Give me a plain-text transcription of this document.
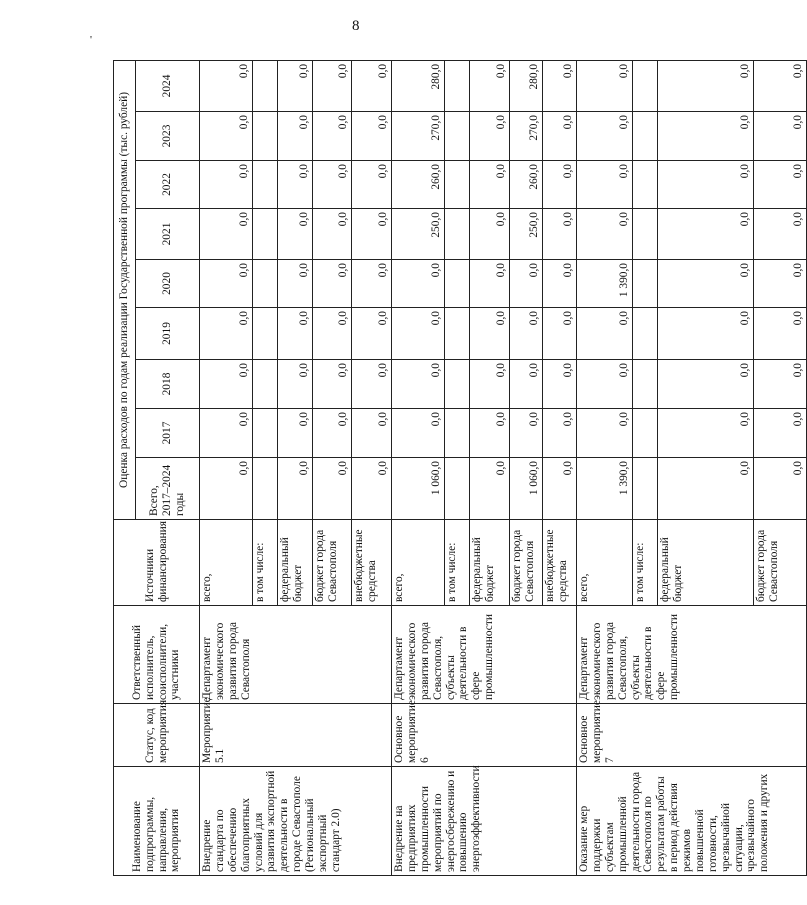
8
'
Наименование подпрограммы, направления, мероприятия	Статус, код мероприятия	Ответственный исполнитель, соисполнители, участники	Источники финансирования	Оценка расходов по годам реализации Государственной программы (тыс. рублей)								
				Всего, 2017–2024 годы	2017	2018	2019	2020	2021	2022	2023	2024
Внедрение стандарта по обеспечению благоприятных условий для развития экспортной деятельности в городе Севастополе (Региональный экспортный стандарт 2.0)	Мероприятие 5.1	Департамент экономического развития города Севастополя	всего,	0,0	0,0	0,0	0,0	0,0	0,0	0,0	0,0	0,0
			в том числе:									
			федеральный бюджет	0,0	0,0	0,0	0,0	0,0	0,0	0,0	0,0	0,0
			бюджет города Севастополя	0,0	0,0	0,0	0,0	0,0	0,0	0,0	0,0	0,0
			внебюджетные средства	0,0	0,0	0,0	0,0	0,0	0,0	0,0	0,0	0,0
Внедрение на предприятиях промышленности мероприятий по энергосбережению и повышению энергоэффективности	Основное мероприятие 6	Департамент экономического развития города Севастополя, субъекты деятельности в сфере промышленности	всего,	1 060,0	0,0	0,0	0,0	0,0	250,0	260,0	270,0	280,0
			в том числе:									
			федеральный бюджет	0,0	0,0	0,0	0,0	0,0	0,0	0,0	0,0	0,0
			бюджет города Севастополя	1 060,0	0,0	0,0	0,0	0,0	250,0	260,0	270,0	280,0
			внебюджетные средства	0,0	0,0	0,0	0,0	0,0	0,0	0,0	0,0	0,0
Оказание мер поддержки субъектам промышленной деятельности города Севастополя по результатам работы в период действия режимов повышенной готовности, чрезвычайной ситуации, чрезвычайного положения и других	Основное мероприятие 7	Департамент экономического развития города Севастополя, субъекты деятельности в сфере промышленности	всего,	1 390,0	0,0	0,0	0,0	1 390,0	0,0	0,0	0,0	0,0
			в том числе:									
			федеральный бюджет	0,0	0,0	0,0	0,0	0,0	0,0	0,0	0,0	0,0
			бюджет города Севастополя	0,0	0,0	0,0	0,0	0,0	0,0	0,0	0,0	0,0
